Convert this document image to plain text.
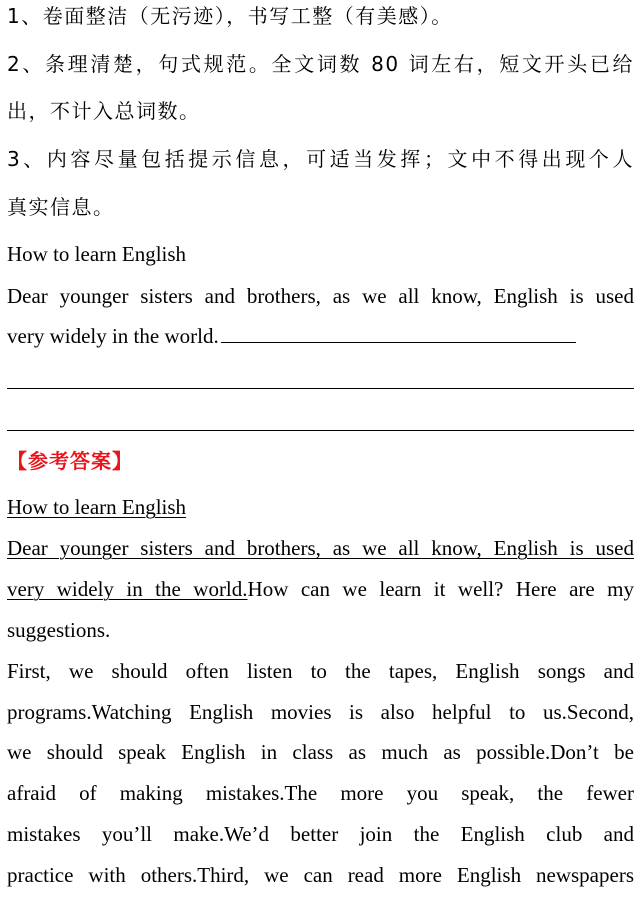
1、卷面整洁（无污迹），书写工整（有美感）。
2、条理清楚，句式规范。全文词数 80 词左右，短文开头已给
出，不计入总词数。
3、内容尽量包括提示信息，可适当发挥；文中不得出现个人
真实信息。
How to learn English
Dear younger sisters and brothers, as we all know, English is used
very widely in the world.
【参考答案】
How to learn English
Dear younger sisters and brothers, as we all know, English is used
very widely in the world.How can we learn it well? Here are my
suggestions.
First, we should often listen to the tapes, English songs and
programs.Watching English movies is also helpful to us.Second,
we should speak English in class as much as possible.Don’t be
afraid of making mistakes.The more you speak, the fewer
mistakes you’ll make.We’d better join the English club and
practice with others.Third, we can read more English newspapers
